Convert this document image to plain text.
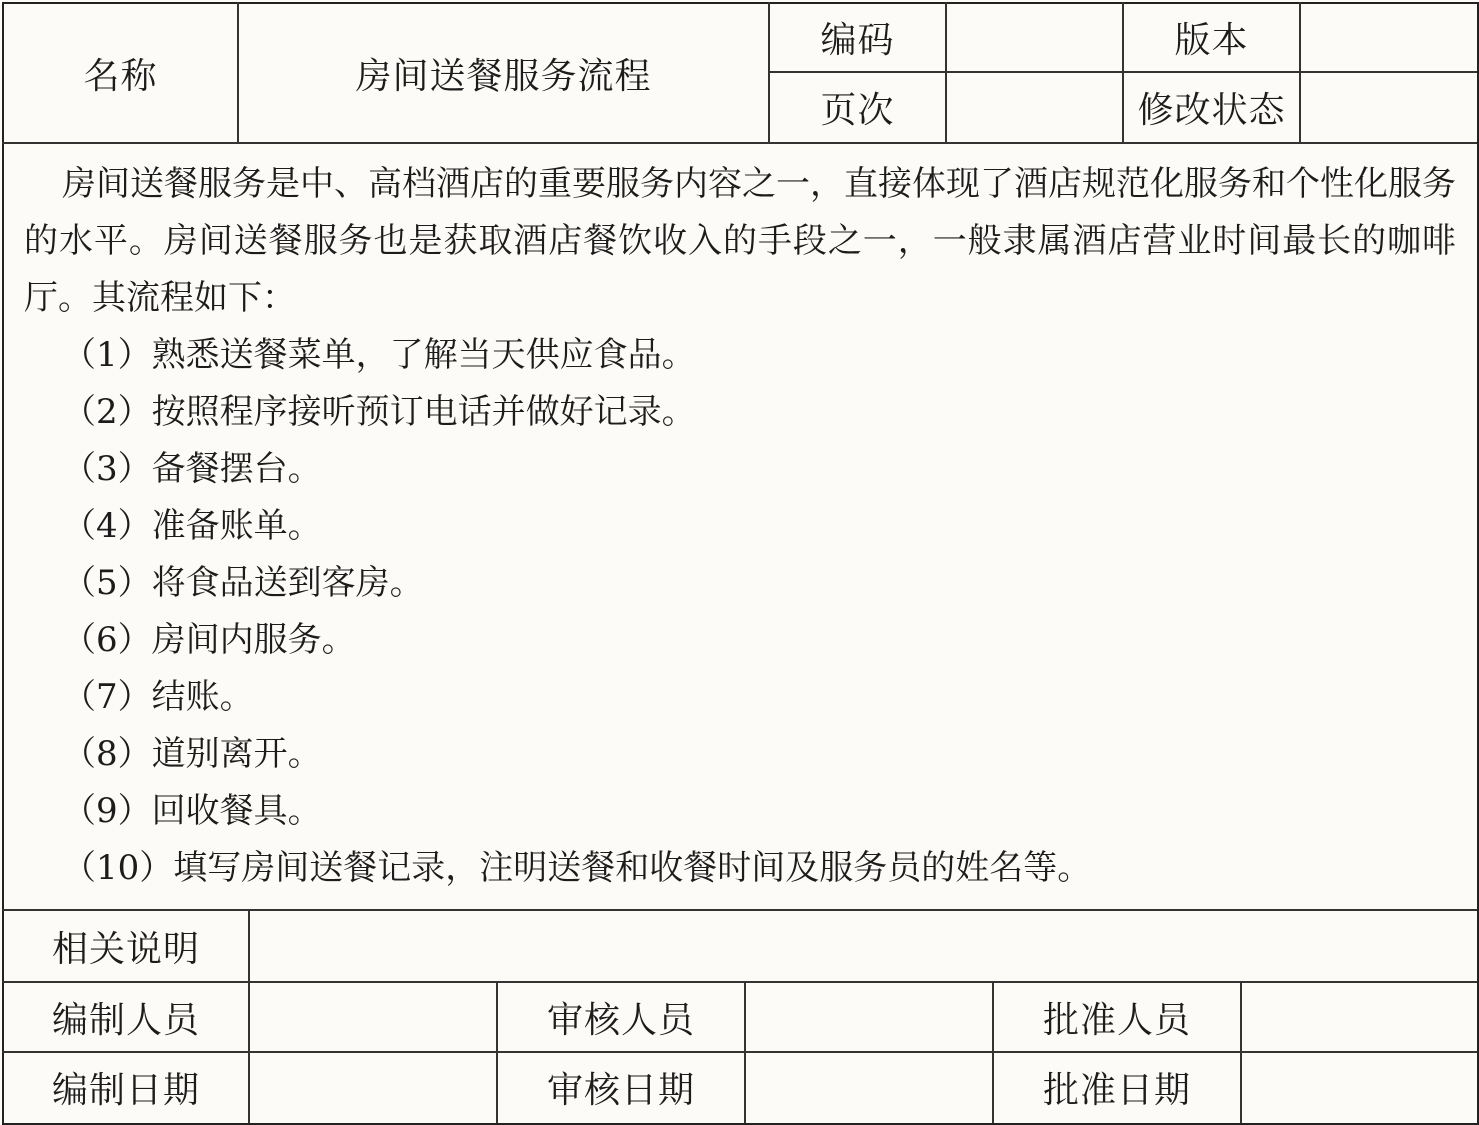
名称	房间送餐服务流程
编码	版本
页次	修改状态

房间送餐服务是中、高档酒店的重要服务内容之一，直接体现了酒店规范化服务和个性化服务的水平。房间送餐服务也是获取酒店餐饮收入的手段之一，一般隶属酒店营业时间最长的咖啡厅。其流程如下：

（1）熟悉送餐菜单，了解当天供应食品。

（2）按照程序接听预订电话并做好记录。

（3）备餐摆台。

（4）准备账单。

（5）将食品送到客房。

（6）房间内服务。

（7）结账。

（8）道别离开。

（9）回收餐具。

（10）填写房间送餐记录，注明送餐和收餐时间及服务员的姓名等。

相关说明
编制人员	审核人员	批准人员
编制日期	审核日期	批准日期
